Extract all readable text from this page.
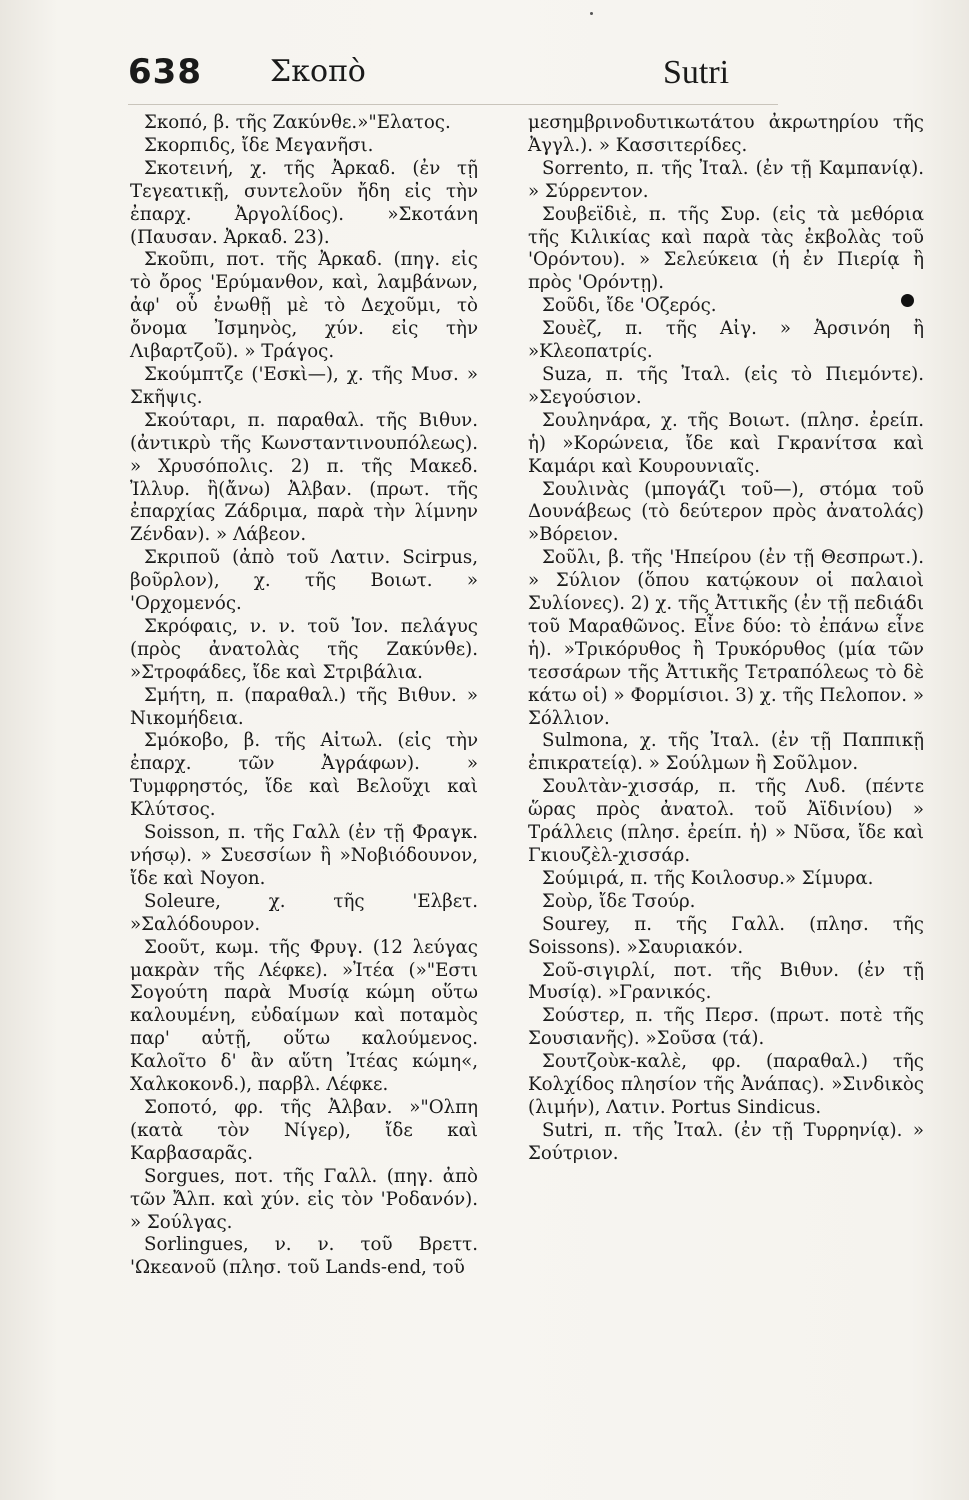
638 Σκοπὸ	Sutri

Σκοπό, β. τῆς Ζακύνθε.»"Ελατος.

Σκορπιδς, ἴδε Μεγανῆσι.

Σκοτεινή, χ. τῆς Ἀρκαδ. (ἐν τῇ Τεγεατικῇ, συντελοῦν ἤδη εἰς τὴν ἐπαρχ. Ἀργολίδος). »Σκοτάνη (Παυσαν. Ἀρκαδ. 23).

Σκοῦπι, ποτ. τῆς Ἀρκαδ. (πηγ. εἰς τὸ ὄρος 'Ερύμανθον, καὶ, λαμβάνων, ἀφ' οὗ ἐνωθῇ μὲ τὸ Δεχοῦμι, τὸ ὄνομα Ἰσμηνὸς, χύν. εἰς τὴν Λιβαρτζοῦ). » Τράγος.

Σκούμπτζε ('Εσκὶ—), χ. τῆς Μυσ. » Σκῆψις.

Σκούταρι, π. παραθαλ. τῆς Βιθυν. (ἀντικρὺ τῆς Κωνσταντινουπόλεως). » Χρυσόπολις. 2) π. τῆς Μακεδ. Ἰλλυρ. ἢ(ἄνω) Ἀλβαν. (πρωτ. τῆς ἐπαρχίας Ζάδριμα, παρὰ τὴν λίμνην Ζένδαν). » Λάβεον.

Σκριποῦ (ἀπὸ τοῦ Λατιν. Scirpus, βοῦρλον), χ. τῆς Βοιωτ. » 'Ορχομενός.

Σκρόφαις, ν. ν. τοῦ Ἰον. πελάγυς (πρὸς ἀνατολὰς τῆς Ζακύνθε). »Στροφάδες, ἴδε καὶ Στριβάλια.

Σμήτη, π. (παραθαλ.) τῆς Βιθυν. » Νικομήδεια.

Σμόκοβο, β. τῆς Αἰτωλ. (εἰς τὴν ἐπαρχ. τῶν Ἀγράφων). » Τυμφρηστός, ἴδε καὶ Βελοῦχι καὶ Κλύτσος.

Soisson, π. τῆς Γαλλ (ἐν τῇ Φραγκ. νήσῳ). » Συεσσίων ἢ »Νοβιόδουνον, ἴδε καὶ Noyon.

Soleure, χ. τῆς 'Ελβετ. »Σαλόδουρον.

Σοοῦτ, κωμ. τῆς Φρυγ. (12 λεύγας μακρὰν τῆς Λέφκε). »Ἰτέα (»"Εστι Σογούτη παρὰ Μυσίᾳ κώμη οὕτω καλουμένη, εὐδαίμων καὶ ποταμὸς παρ' αὐτῇ, οὕτω καλούμενος. Καλοῖτο δ' ἂν αὕτη Ἰτέας κώμη«, Χαλκοκονδ.), παρβλ. Λέφκε.

Σοποτό, φρ. τῆς Ἀλβαν. »"Ολπη (κατὰ τὸν Νίγερ), ἴδε καὶ Καρβασαρᾶς.

Sorgues, ποτ. τῆς Γαλλ. (πηγ. ἀπὸ τῶν Ἄλπ. καὶ χύν. εἰς τὸν 'Ροδανόν). » Σούλγας.

Sorlingues, ν. ν. τοῦ Βρεττ. 'Ωκεανοῦ (πλησ. τοῦ Lands-end, τοῦ

μεσημβρινοδυτικωτάτου ἀκρωτηρίου τῆς Ἀγγλ.). » Κασσιτερίδες.

Sorrento, π. τῆς Ἰταλ. (ἐν τῇ Καμπανίᾳ). » Σύρρεντον.

Σουβεϊδιὲ, π. τῆς Συρ. (εἰς τὰ μεθόρια τῆς Κιλικίας καὶ παρὰ τὰς ἐκβολὰς τοῦ 'Ορόντου). » Σελεύκεια (ἡ ἐν Πιερίᾳ ἢ πρὸς 'Ορόντῃ).

Σοῦδι, ἴδε 'Οζερός.

Σουὲζ, π. τῆς Αἰγ. » Ἀρσινόη ἢ »Κλεοπατρίς.

Suza, π. τῆς Ἰταλ. (εἰς τὸ Πιεμόντε). »Σεγούσιον.

Σουληνάρα, χ. τῆς Βοιωτ. (πλησ. ἐρείπ. ἡ) »Κορώνεια, ἴδε καὶ Γκρανίτσα καὶ Καμάρι καὶ Κουρουνιαῖς.

Σουλινὰς (μπογάζι τοῦ—), στόμα τοῦ Δουνάβεως (τὸ δεύτερον πρὸς ἀνατολάς) »Βόρειον.

Σοῦλι, β. τῆς 'Ηπείρου (ἐν τῇ Θεσπρωτ.). » Σύλιον (ὅπου κατῴκουν οἱ παλαιοὶ Συλίονες). 2) χ. τῆς Ἀττικῆς (ἐν τῇ πεδιάδι τοῦ Μαραθῶνος. Εἶνε δύο: τὸ ἐπάνω εἶνε ἡ). »Τρικόρυθος ἢ Τρυκόρυθος (μία τῶν τεσσάρων τῆς Ἀττικῆς Τετραπόλεως τὸ δὲ κάτω οἱ) » Φορμίσιοι. 3) χ. τῆς Πελοπον. » Σόλλιον.

Sulmona, χ. τῆς Ἰταλ. (ἐν τῇ Παππικῇ ἐπικρατείᾳ). » Σούλμων ἢ Σοῦλμον.

Σουλτὰν-χισσάρ, π. τῆς Λυδ. (πέντε ὥρας πρὸς ἀνατολ. τοῦ Ἀϊδινίου) » Τράλλεις (πλησ. ἐρείπ. ἡ) » Νῦσα, ἴδε καὶ Γκιουζὲλ-χισσάρ.

Σούμιρά, π. τῆς Κοιλοσυρ.» Σίμυρα.

Σοὺρ, ἴδε Τσούρ.

Sourey, π. τῆς Γαλλ. (πλησ. τῆς Soissons). »Σαυριακόν.

Σοῦ-σιγιρλί, ποτ. τῆς Βιθυν. (ἐν τῇ Μυσίᾳ). »Γρανικός.

Σούστερ, π. τῆς Περσ. (πρωτ. ποτὲ τῆς Σουσιανῆς). »Σοῦσα (τά).

Σουτζοὺκ-καλὲ, φρ. (παραθαλ.) τῆς Κολχίδος πλησίον τῆς Ἀνάπας). »Σινδικὸς (λιμήν), Λατιν. Portus Sindicus.

Sutri, π. τῆς Ἰταλ. (ἐν τῇ Τυρρηνίᾳ). » Σούτριον.
